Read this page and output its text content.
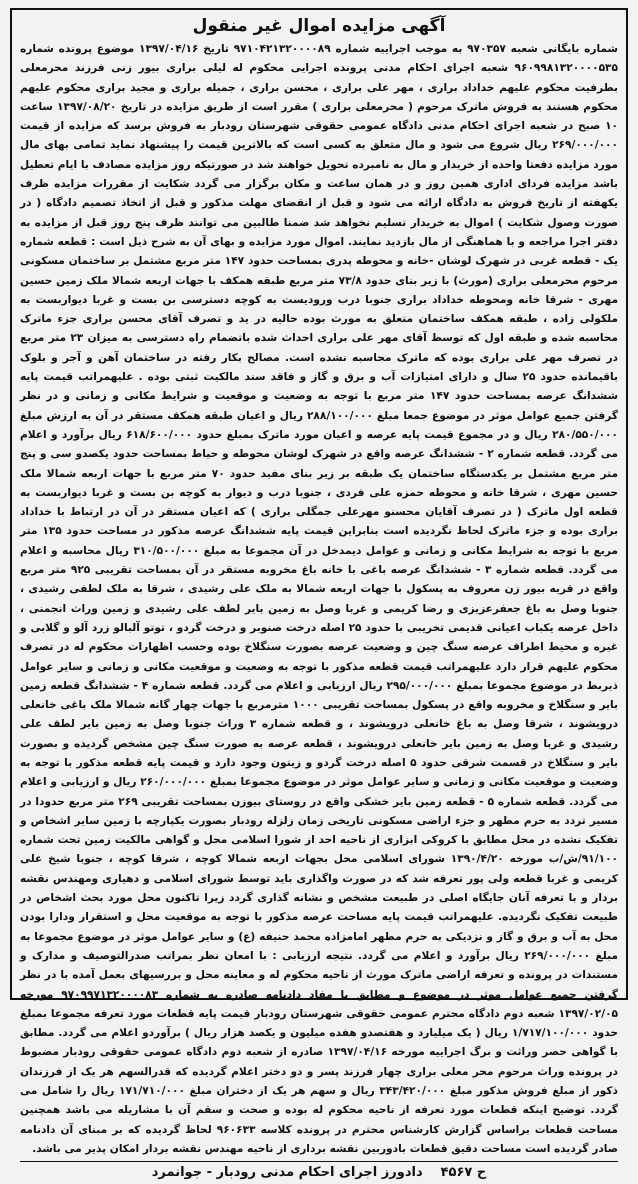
آگهی مزایده اموال غیر منقول
شماره بایگانی شعبه ۹۷۰۳۵۷ به موجب اجراییه شماره ۹۷۱۰۴۲۱۳۲۰۰۰۰۸۹ تاریخ ۱۳۹۷/۰۴/۱۶ موضوع پرونده شماره ۹۶۰۹۹۸۱۳۲۰۰۰۰۵۳۵ شعبه اجرای احکام مدنی پرونده اجرایی محکوم له لیلی براری بیور زنی فرزند محرمعلی بطرفیت محکوم علیهم خداداد براری ، مهر علی براری ، محسن براری ، جمیله براری و مجید براری محکوم علیهم محکوم هستند به فروش ماترک مرحوم ( محرمعلی براری ) مقرر است از طریق مزایده در تاریخ ۱۳۹۷/۰۸/۲۰ ساعت ۱۰ صبح در شعبه اجرای احکام مدنی دادگاه عمومی حقوقی شهرستان رودبار به فروش برسد که مزایده از قیمت ۲۶۹/۰۰۰/۰۰۰ ریال شروع می شود و مال متعلق به کسی است که بالاترین قیمت را پیشنهاد نماید تمامی بهای مال مورد مزایده دفعتا واحده از خریدار و مال به نامبرده تحویل خواهند شد در صورتیکه روز مزایده مصادف با ایام تعطیل باشد مزایده فردای اداری همین روز و در همان ساعت و مکان برگزار می گردد شکایت از مقررات مزایده ظرف یکهفته از تاریخ فروش به دادگاه ارائه می شود و قبل از انقضای مهلت مذکور و قبل از اتخاذ تصمیم دادگاه ( در صورت وصول شکایت ) اموال به خریدار تسلیم نخواهد شد ضمنا طالبین می توانند ظرف پنج روز قبل از مزایده به دفتر اجرا مراجعه و با هماهنگی از مال بازدید نمایند. اموال مورد مزایده و بهای آن به شرح ذیل است : قطعه شماره یک - قطعه غربی در شهرک لوشان -خانه و محوطه پدری بمساحت حدود ۱۴۷ متر مربع مشتمل بر ساختمان مسکونی مرحوم محرمعلی براری (مورث) با زیر بنای حدود ۷۳/۸ متر مربع طبقه همکف با جهات اربعه شمالا ملک زمین حسین مهری - شرقا خانه ومحوطه خداداد براری جنوبا درب ورودیست به کوچه دسترسی بن بست و غربا دیواربست به ملکولی زاده ، طبقه همکف ساختمان متعلق به مورث بوده حالیه در ید و تصرف آقای محسن براری جزء ماترک محاسبه شده و طبقه اول که توسط آقای مهر علی براری احداث شده باتضمام راه دسترسی به میزان ۲۳ متر مربع در تصرف مهر علی براری بوده که ماترک محاسبه نشده است. مصالح بکار رفته در ساختمان آهن و آجر و بلوک باقیمانده حدود ۲۵ سال و دارای امتیازات آب و برق و گاز و فاقد سند مالکیت ثبتی بوده . علیهمراتب قیمت پایه ششدانگ عرصه بمساحت حدود ۱۴۷ متر مربع با توجه به وضعیت و موقعیت و شرایط مکانی و زمانی و در نظر گرفتن جمیع عوامل موثر در موضوع جمعا مبلغ ۲۸۸/۱۰۰/۰۰۰ ریال و اعیان طبقه همکف مستقر در آن به ارزش مبلغ ۲۸۰/۵۵۰/۰۰۰ ریال و در مجموع قیمت پایه عرصه و اعیان مورد ماترک بمبلغ حدود ۶۱۸/۶۰۰/۰۰۰ ریال برآورد و اعلام می گردد. قطعه شماره ۲ - ششدانگ عرصه واقع در شهرک لوشان محوطه و حیاط بمساحت حدود یکصدو سی و پنج متر مربع مشتمل بر یکدستگاه ساختمان یک طبقه بر زیر بنای مفید حدود ۷۰ متر مربع با جهات اربعه شمالا ملک حسین مهری ، شرقا خانه و محوطه حمزه علی فردی ، جنوبا درب و دیوار به کوچه بن بست و غربا دیواربست به قطعه اول ماترک ( در تصرف آقایان محسنو مهرعلی جمگلی براری ) که اعیان مستقر در آن در ارتباط با خداداد براری بوده و جزء ماترک لحاظ نگردیده است بنابراین قیمت پایه ششدانگ عرصه مذکور در مساحت حدود ۱۳۵ متر مربع با توجه به شرایط مکانی و زمانی و عوامل دیمدخل در آن مجموعا به مبلغ ۳۱۰/۵۰۰/۰۰۰ ریال محاسبه و اعلام می گردد. قطعه شماره ۳ - ششدانگ عرصه باغی با خانه باغ مخروبه مستقر در آن بمساحت تقریبی ۹۲۵ متر مربع واقع در قریه بیور زن معروف به پسکول با جهات اربعه شمالا به ملک علی رشیدی ، شرقا به ملک لطفی رشیدی ، جنوبا وصل به باغ جعفرعزیزی و رضا کریمی و غربا وصل به زمین بایر لطف علی رشیدی و زمین وراث انجمنی ، داخل عرصه یکباب اعیانی قدیمی تخریبی با حدود ۲۵ اصله درخت صنوبر و درخت گردو ، توتو آلبالو زرد آلو و گلابی و غیره و محیط اطراف عرصه سنگ چین و وضعیت عرصه بصورت سنگلاخ بوده وحسب اظهارات محکوم له در تصرف محکوم علیهم قرار دارد علیهمراتب قیمت قطعه مذکور با توجه به وضعیت و موقعیت مکانی و زمانی و سایر عوامل ذیربط در موضوع مجموعا بمبلغ ۲۹۵/۰۰۰/۰۰۰ ریال ارزیابی و اعلام می گردد. قطعه شماره ۴ - ششدانگ قطعه زمین بایر و سنگلاخ و مخروبه واقع در پسکول بمساحت تقریبی ۱۰۰۰ مترمربع با جهات چهار گانه شمالا ملک باغی خانعلی درویشوند ، شرقا وصل به باغ خانعلی درویشوند ، و قطعه شماره ۳ وراث جنوبا وصل به زمین بایر لطف علی رشیدی و غربا وصل به زمین بایر خانعلی درویشوند ، قطعه عرصه به صورت سنگ چین مشخص گردیده و بصورت بایر و سنگلاخ در قسمت شرقی حدود ۵ اصله درخت گردو و زیتون وجود دارد و قیمت پایه قطعه مذکور با توجه به وضعیت و موقعیت مکانی و زمانی و سایر عوامل موثر در موضوع مجموعا بمبلغ ۲۶۰/۰۰۰/۰۰۰ ریال و ارزیابی و اعلام می گردد. قطعه شماره ۵ - قطعه زمین بایر خشکی واقع در روستای بیوزن بمساحت تقریبی ۲۶۹ متر مربع حدودا در مسیر تردد به حرم مطهر و جزء اراضی مسکونی تاریخی زمان زلزله رودبار بصورت یکپارچه با زمین سایر اشخاص و تفکیک نشده در محل مطابق با کروکی ابزاری از ناحیه احد از شورا اسلامی محل و گواهی مالکیت زمین تحت شماره ۹۱/۱۰۰/ش/ب مورخه ۱۳۹۰/۴/۲۰ شورای اسلامی محل بجهات اربعه شمالا کوچه ، شرقا کوچه ، جنوبا شیخ علی کریمی و غربا قطعه ولی پور تعرفه شد که در صورت واگذاری باید توسط شورای اسلامی و دهیاری ومهندس نقشه بردار و با تعرفه آنان جایگاه اصلی در طبیعت مشخص و نشانه گذاری گردد زیرا تاکنون محل مورد بحث اشخاص در طبیعت تفکیک نگردیده. علیهمراتب قیمت پایه مساحت عرصه مذکور با توجه به موقعیت محل و استقرار ودارا بودن محل به آب و برق و گاز و نزدیکی به حرم مطهر امامزاده محمد حنیفه (ع) و سایر عوامل موثر در موضوع مجموعا به مبلغ ۲۶۹/۰۰۰/۰۰۰ ریال برآورد و اعلام می گردد. نتیجه ارزیابی : با امعان نظر بمراتب صدرالتوصیف و مدارک و مستندات در پرونده و تعرفه اراضی ماترک مورث از ناحیه محکوم له و معاینه محل و بررسیهای بعمل آمده با در نظر گرفتن جمیع عوامل موثر در موضوع و مطابق با مفاد دادنامه صادره به شماره ۹۷۰۹۹۷۱۳۲۰۰۰۰۸۳ مورخه ۱۳۹۷/۰۲/۰۵ شعبه دوم دادگاه محترم عمومی حقوقی شهرستان رودبار قیمت پایه قطعات مورد تعرفه مجموعا بمبلغ حدود ۱/۷۱۷/۱۰۰/۰۰۰ ریال ( یک میلیارد و هفتصدو هفده میلیون و یکصد هزار ریال ) برآوردو اعلام می گردد. مطابق با گواهی حصر وراثت و برگ اجراییه مورخه ۱۳۹۷/۰۴/۱۶ صادره از شعبه دوم دادگاه عمومی حقوقی رودبار مضبوط در پرونده وراث مرحوم محر معلی براری چهار فرزند پسر و دو دختر اعلام گردیده که قدرالسهم هر یک از فرزندان ذکور از مبلغ فروش مذکور مبلغ ۳۴۳/۴۲۰/۰۰۰ ریال و سهم هر یک از دختران مبلغ ۱۷۱/۷۱۰/۰۰۰ ریال را شامل می گردد. توضیح اینکه قطعات مورد تعرفه از ناحیه محکوم له بوده و صحت و سقم آن با مشاریله می باشد همچنین مساحت قطعات براساس گزارش کارشناس محترم در پرونده کلاسه ۹۶۰۶۳۳ لحاظ گردیده که بر مبنای آن دادنامه صادر گردیده است مساحت دقیق قطعات بادوربین نقشه برداری از ناحیه مهندس نقشه بردار امکان پذیر می باشد.
ح ۴۵۶۷
دادورز اجرای احکام مدنی رودبار - جوانمرد
